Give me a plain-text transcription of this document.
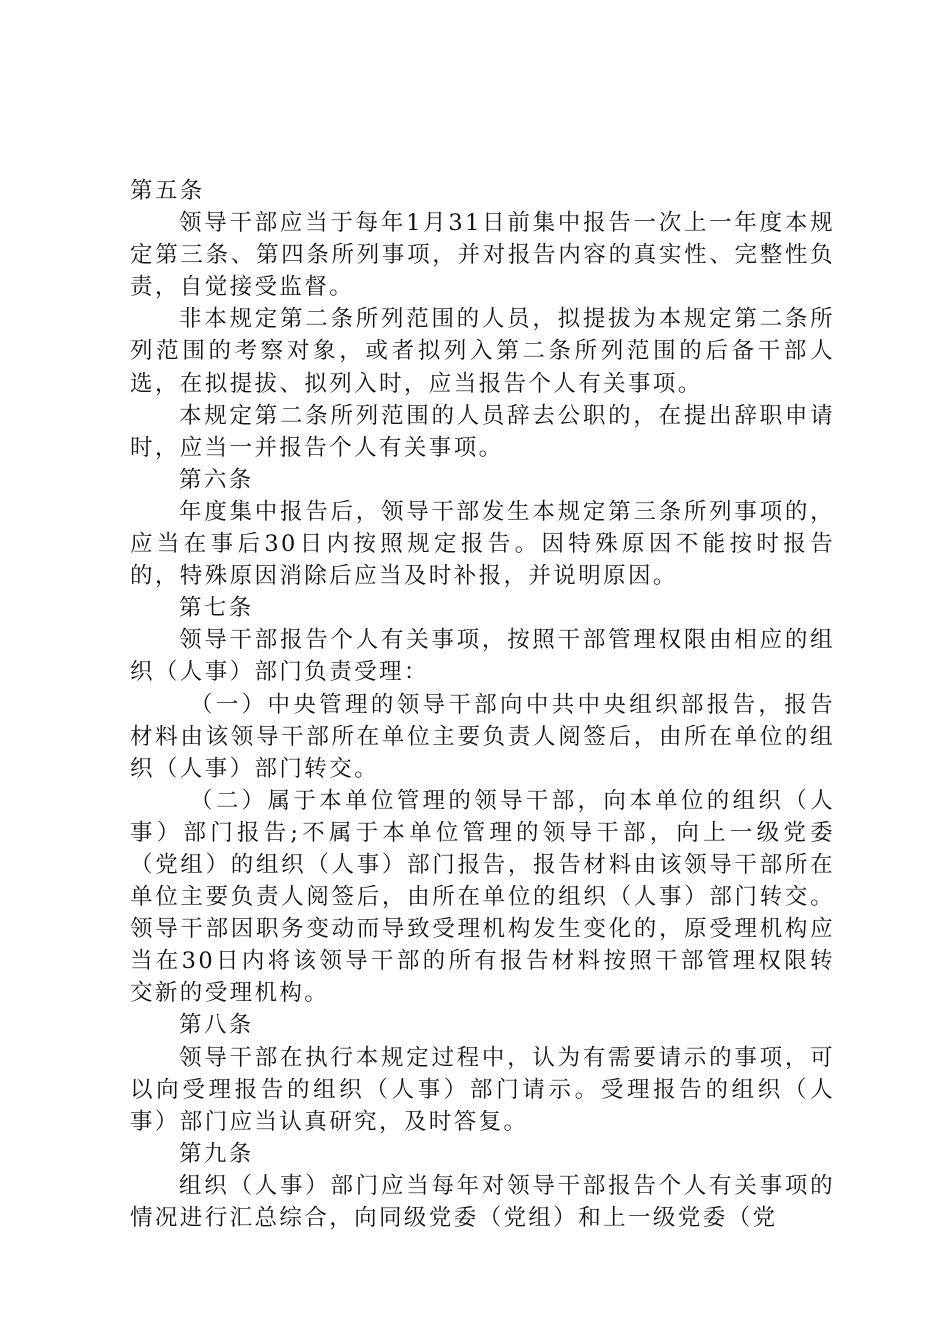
第五条

领导干部应当于每年1月31日前集中报告一次上一年度本规定第三条、第四条所列事项，并对报告内容的真实性、完整性负责，自觉接受监督。

非本规定第二条所列范围的人员，拟提拔为本规定第二条所列范围的考察对象，或者拟列入第二条所列范围的后备干部人选，在拟提拔、拟列入时，应当报告个人有关事项。

本规定第二条所列范围的人员辞去公职的，在提出辞职申请时，应当一并报告个人有关事项。

第六条

年度集中报告后，领导干部发生本规定第三条所列事项的，应当在事后30日内按照规定报告。因特殊原因不能按时报告的，特殊原因消除后应当及时补报，并说明原因。

第七条

领导干部报告个人有关事项，按照干部管理权限由相应的组织（人事）部门负责受理：

（一）中央管理的领导干部向中共中央组织部报告，报告材料由该领导干部所在单位主要负责人阅签后，由所在单位的组织（人事）部门转交。

（二）属于本单位管理的领导干部，向本单位的组织（人事）部门报告;不属于本单位管理的领导干部，向上一级党委（党组）的组织（人事）部门报告，报告材料由该领导干部所在单位主要负责人阅签后，由所在单位的组织（人事）部门转交。领导干部因职务变动而导致受理机构发生变化的，原受理机构应当在30日内将该领导干部的所有报告材料按照干部管理权限转交新的受理机构。

第八条

领导干部在执行本规定过程中，认为有需要请示的事项，可以向受理报告的组织（人事）部门请示。受理报告的组织（人事）部门应当认真研究，及时答复。

第九条

组织（人事）部门应当每年对领导干部报告个人有关事项的情况进行汇总综合，向同级党委（党组）和上一级党委（党
